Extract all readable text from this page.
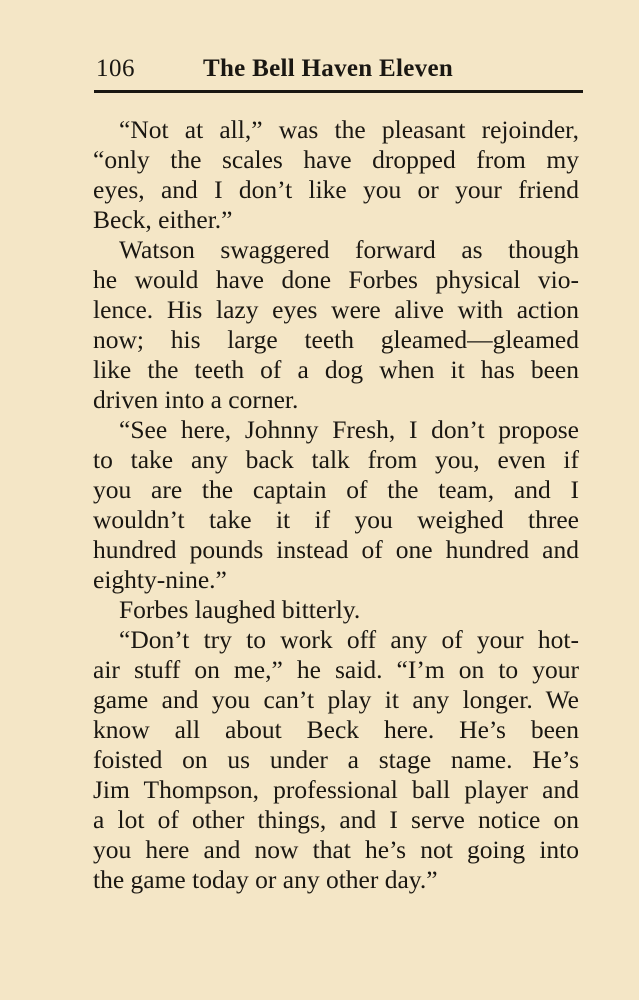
106	The Bell Haven Eleven
“Not at all,” was the pleasant rejoinder,
“only the scales have dropped from my
eyes, and I don’t like you or your friend
Beck, either.”
Watson swaggered forward as though
he would have done Forbes physical vio-
lence. His lazy eyes were alive with action
now; his large teeth gleamed—gleamed
like the teeth of a dog when it has been
driven into a corner.
“See here, Johnny Fresh, I don’t propose
to take any back talk from you, even if
you are the captain of the team, and I
wouldn’t take it if you weighed three
hundred pounds instead of one hundred and
eighty-nine.”
Forbes laughed bitterly.
“Don’t try to work off any of your hot-
air stuff on me,” he said. “I’m on to your
game and you can’t play it any longer. We
know all about Beck here. He’s been
foisted on us under a stage name. He’s
Jim Thompson, professional ball player and
a lot of other things, and I serve notice on
you here and now that he’s not going into
the game today or any other day.”
